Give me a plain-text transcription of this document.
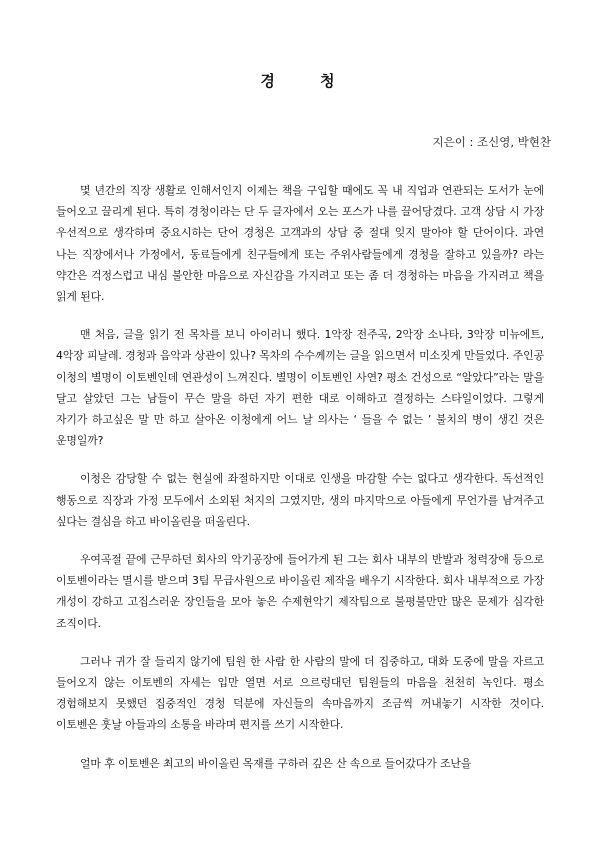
경 청
지은이 : 조신영, 박현찬

몇 년간의 직장 생활로 인해서인지 이제는 책을 구입할 때에도 꼭 내 직업과 연관되는 도서가 눈에 들어오고 끌리게 된다. 특히 경청이라는 단 두 글자에서 오는 포스가 나를 끌어당겼다. 고객 상담 시 가장 우선적으로 생각하며 중요시하는 단어 경청은 고객과의 상담 중 절대 잊지 말아야 할 단어이다. 과연 나는 직장에서나 가정에서, 동료들에게 친구들에게 또는 주위사람들에게 경청을 잘하고 있을까? 라는 약간은 걱정스럽고 내심 불안한 마음으로 자신감을 가지려고 또는 좀 더 경청하는 마음을 가지려고 책을 읽게 된다.

맨 처음, 글을 읽기 전 목차를 보니 아이러니 했다. 1악장 전주곡, 2악장 소나타, 3악장 미뉴에트, 4악장 피날레. 경청과 음악과 상관이 있나? 목차의 수수께끼는 글을 읽으면서 미소짓게 만들었다. 주인공 이청의 별명이 이토벤인데 연관성이 느껴진다. 별명이 이토벤인 사연? 평소 건성으로 “알았다”라는 말을 달고 살았던 그는 남들이 무슨 말을 하던 자기 편한 대로 이해하고 결정하는 스타일이었다. 그렇게 자기가 하고싶은 말 만 하고 살아온 이청에게 어느 날 의사는 ‘ 들을 수 없는 ’ 불치의 병이 생긴 것은 운명일까?

이청은 감당할 수 없는 현실에 좌절하지만 이대로 인생을 마감할 수는 없다고 생각한다. 독선적인 행동으로 직장과 가정 모두에서 소외된 처지의 그였지만, 생의 마지막으로 아들에게 무언가를 남겨주고 싶다는 결심을 하고 바이올린을 떠올린다.

우여곡절 끝에 근무하던 회사의 악기공장에 들어가게 된 그는 회사 내부의 반발과 청력장애 등으로 이토벤이라는 멸시를 받으며 3팀 무급사원으로 바이올린 제작을 배우기 시작한다. 회사 내부적으로 가장 개성이 강하고 고집스러운 장인들을 모아 놓은 수제현악기 제작팀으로 불평불만만 많은 문제가 심각한 조직이다.

그러나 귀가 잘 들리지 않기에 팀원 한 사람 한 사람의 말에 더 집중하고, 대화 도중에 말을 자르고 들어오지 않는 이토벤의 자세는 입만 열면 서로 으르렁대던 팀원들의 마음을 천천히 녹인다. 평소 경험해보지 못했던 집중적인 경청 덕분에 자신들의 속마음까지 조금씩 꺼내놓기 시작한 것이다. 이토벤은 훗날 아들과의 소통을 바라며 편지를 쓰기 시작한다.

얼마 후 이토벤은 최고의 바이올린 목재를 구하러 깊은 산 속으로 들어갔다가 조난을
